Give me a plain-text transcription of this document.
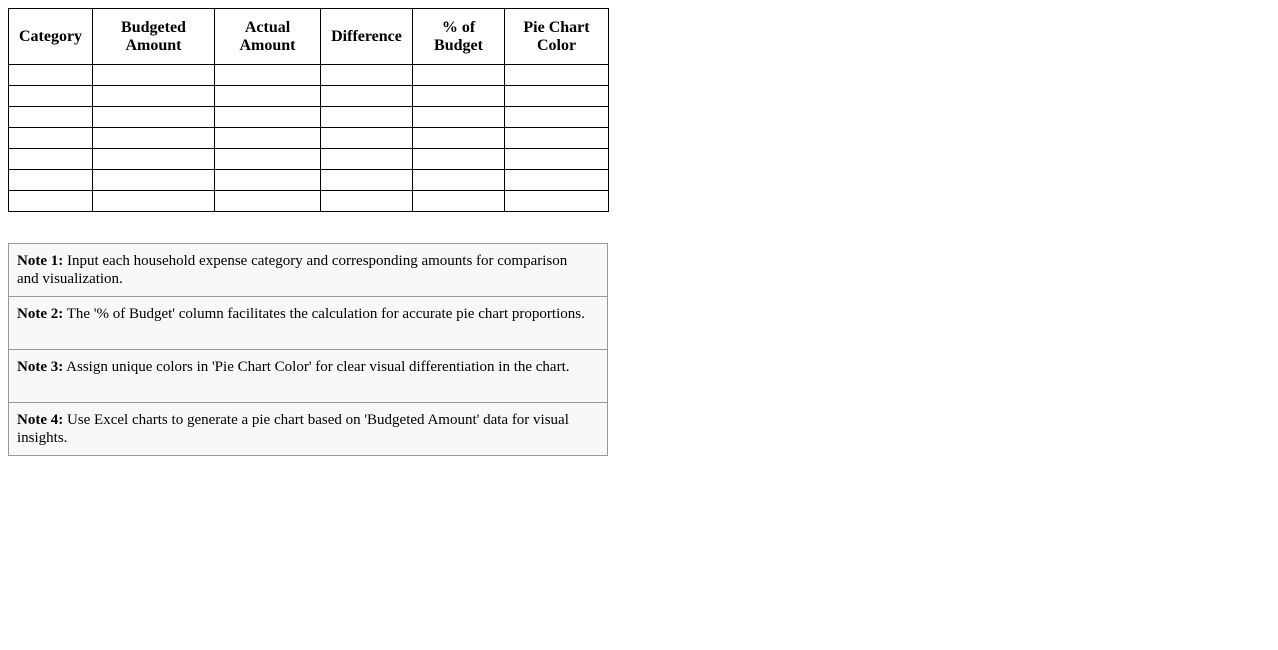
Category	Budgeted Amount	Actual Amount	Difference	% of Budget	Pie Chart Color

Note 1: Input each household expense category and corresponding amounts for comparison and visualization.
Note 2: The '% of Budget' column facilitates the calculation for accurate pie chart proportions.
Note 3: Assign unique colors in 'Pie Chart Color' for clear visual differentiation in the chart.
Note 4: Use Excel charts to generate a pie chart based on 'Budgeted Amount' data for visual insights.
